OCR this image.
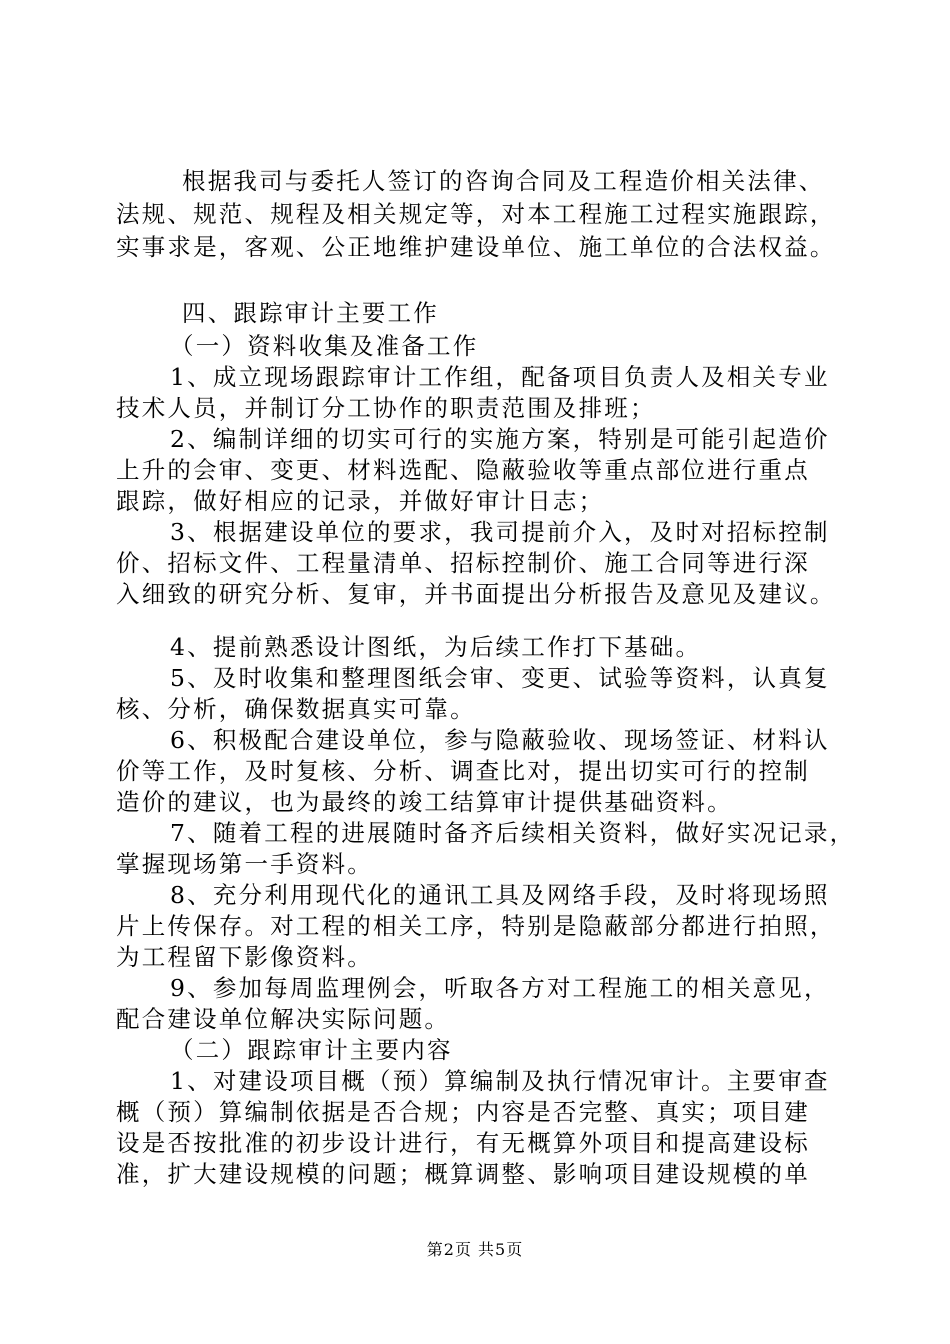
根据我司与委托人签订的咨询合同及工程造价相关法律、
法规、规范、规程及相关规定等，对本工程施工过程实施跟踪，
实事求是，客观、公正地维护建设单位、施工单位的合法权益。
四、跟踪审计主要工作
（一）资料收集及准备工作
1、成立现场跟踪审计工作组，配备项目负责人及相关专业
技术人员，并制订分工协作的职责范围及排班；
2、编制详细的切实可行的实施方案，特别是可能引起造价
上升的会审、变更、材料选配、隐蔽验收等重点部位进行重点
跟踪，做好相应的记录，并做好审计日志；
3、根据建设单位的要求，我司提前介入，及时对招标控制
价、招标文件、工程量清单、招标控制价、施工合同等进行深
入细致的研究分析、复审，并书面提出分析报告及意见及建议。
4、提前熟悉设计图纸，为后续工作打下基础。
5、及时收集和整理图纸会审、变更、试验等资料，认真复
核、分析，确保数据真实可靠。
6、积极配合建设单位，参与隐蔽验收、现场签证、材料认
价等工作，及时复核、分析、调查比对，提出切实可行的控制
造价的建议，也为最终的竣工结算审计提供基础资料。
7、随着工程的进展随时备齐后续相关资料，做好实况记录，
掌握现场第一手资料。
8、充分利用现代化的通讯工具及网络手段，及时将现场照
片上传保存。对工程的相关工序，特别是隐蔽部分都进行拍照，
为工程留下影像资料。
9、参加每周监理例会，听取各方对工程施工的相关意见，
配合建设单位解决实际问题。
（二）跟踪审计主要内容
1、对建设项目概（预）算编制及执行情况审计。主要审查
概（预）算编制依据是否合规；内容是否完整、真实；项目建
设是否按批准的初步设计进行，有无概算外项目和提高建设标
准，扩大建设规模的问题；概算调整、影响项目建设规模的单
第2页 共5页
